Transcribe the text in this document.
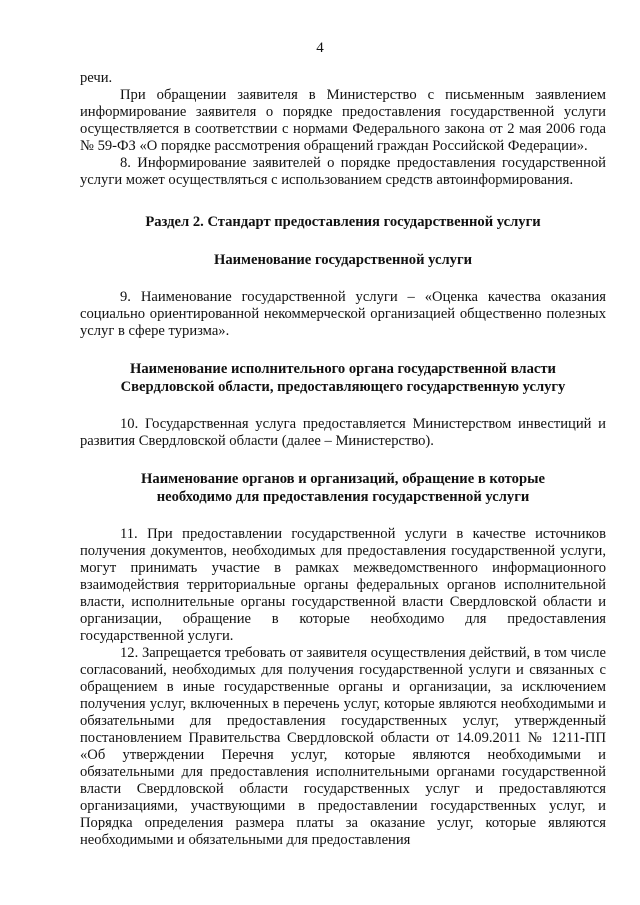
4

речи.

При обращении заявителя в Министерство с письменным заявлением информирование заявителя о порядке предоставления государственной услуги осуществляется в соответствии с нормами Федерального закона от 2 мая 2006 года № 59-ФЗ «О порядке рассмотрения обращений граждан Российской Федерации».

8. Информирование заявителей о порядке предоставления государственной услуги может осуществляться с использованием средств автоинформирования.

Раздел 2. Стандарт предоставления государственной услуги
Наименование государственной услуги

9. Наименование государственной услуги – «Оценка качества оказания социально ориентированной некоммерческой организацией общественно полезных услуг в сфере туризма».

Наименование исполнительного органа государственной власти
Свердловской области, предоставляющего государственную услугу

10. Государственная услуга предоставляется Министерством инвестиций и развития Свердловской области (далее – Министерство).

Наименование органов и организаций, обращение в которые
необходимо для предоставления государственной услуги

11. При предоставлении государственной услуги в качестве источников получения документов, необходимых для предоставления государственной услуги, могут принимать участие в рамках межведомственного информационного взаимодействия территориальные органы федеральных органов исполнительной власти, исполнительные органы государственной власти Свердловской области и организации, обращение в которые необходимо для предоставления государственной услуги.

12. Запрещается требовать от заявителя осуществления действий, в том числе согласований, необходимых для получения государственной услуги и связанных с обращением в иные государственные органы и организации, за исключением получения услуг, включенных в перечень услуг, которые являются необходимыми и обязательными для предоставления государственных услуг, утвержденный постановлением Правительства Свердловской области от 14.09.2011 № 1211-ПП «Об утверждении Перечня услуг, которые являются необходимыми и обязательными для предоставления исполнительными органами государственной власти Свердловской области государственных услуг и предоставляются организациями, участвующими в предоставлении государственных услуг, и Порядка определения размера платы за оказание услуг, которые являются необходимыми и обязательными для предоставления
